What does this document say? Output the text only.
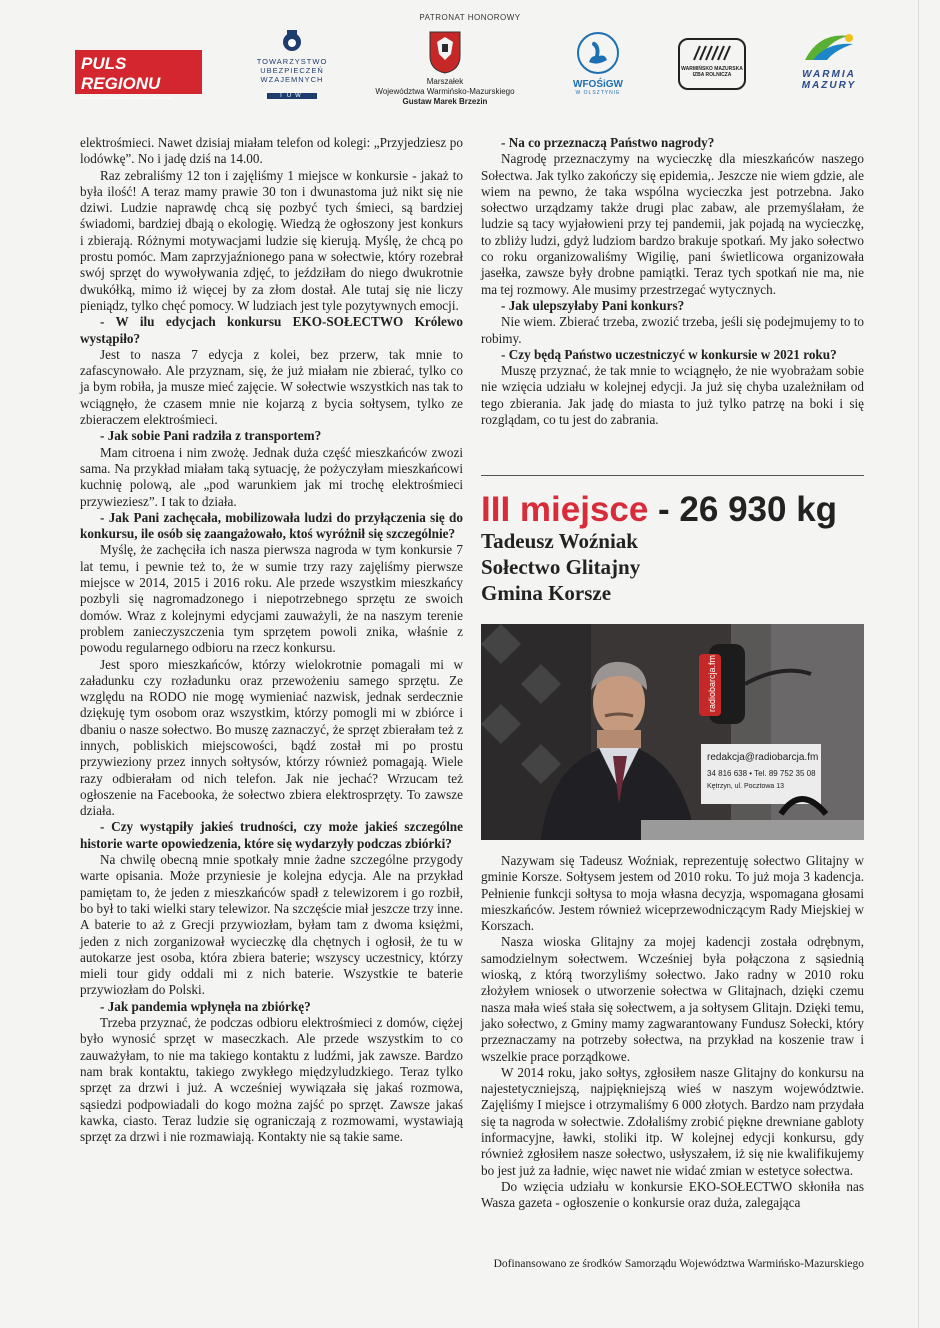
PATRONAT HONOROWY
PULS REGIONU
Wiadomości województwa warmińsko-mazurskiego
TOWARZYSTWO
UBEZPIECZEŃ
WZAJEMNYCH
TUW
Marszałek
Województwa Warmińsko-Mazurskiego
Gustaw Marek Brzezin
WFOŚiGW
W OLSZTYNIE
WARMIŃSKO MAZURSKA IZBA ROLNICZA	WARMIA
MAZURY

elektrośmieci. Nawet dzisiaj miałam telefon od kolegi: „Przyjedziesz po lodówkę”. No i jadę dziś na 14.00.

Raz zebraliśmy 12 ton i zajęliśmy 1 miejsce w konkursie - jakaż to była ilość! A teraz mamy prawie 30 ton i dwunastoma już nikt się nie dziwi. Ludzie naprawdę chcą się pozbyć tych śmieci, są bardziej świadomi, bardziej dbają o ekologię. Wiedzą że ogłoszony jest konkurs i zbierają. Różnymi motywacjami ludzie się kierują. Myślę, że chcą po prostu pomóc. Mam zaprzyjaźnionego pana w sołectwie, który rozebrał swój sprzęt do wywoływania zdjęć, to jeździłam do niego dwukrotnie dwukółką, mimo iż więcej by za złom dostał. Ale tutaj się nie liczy pieniądz, tylko chęć pomocy. W ludziach jest tyle pozytywnych emocji.

- W ilu edycjach konkursu EKO-SOŁECTWO Królewo wystąpiło?

Jest to nasza 7 edycja z kolei, bez przerw, tak mnie to zafascynowało. Ale przyznam, się, że już miałam nie zbierać, tylko co ja bym robiła, ja musze mieć zajęcie. W sołectwie wszystkich nas tak to wciągnęło, że czasem mnie nie kojarzą z bycia sołtysem, tylko ze zbieraczem elektrośmieci.

- Jak sobie Pani radziła z transportem?

Mam citroena i nim zwożę. Jednak duża część mieszkańców zwozi sama. Na przykład miałam taką sytuację, że pożyczyłam mieszkańcowi kuchnię polową, ale „pod warunkiem jak mi trochę elektrośmieci przywieziesz”. I tak to działa.

- Jak Pani zachęcała, mobilizowała ludzi do przyłączenia się do konkursu, ile osób się zaangażowało, ktoś wyróżnił się szczególnie?

Myślę, że zachęciła ich nasza pierwsza nagroda w tym konkursie 7 lat temu, i pewnie też to, że w sumie trzy razy zajęliśmy pierwsze miejsce w 2014, 2015 i 2016 roku. Ale przede wszystkim mieszkańcy pozbyli się nagromadzonego i niepotrzebnego sprzętu ze swoich domów. Wraz z kolejnymi edycjami zauważyli, że na naszym terenie problem zanieczyszczenia tym sprzętem powoli znika, właśnie z powodu regularnego odbioru na rzecz konkursu.

Jest sporo mieszkańców, którzy wielokrotnie pomagali mi w załadunku czy rozładunku oraz przewożeniu samego sprzętu. Ze względu na RODO nie mogę wymieniać nazwisk, jednak serdecznie dziękuję tym osobom oraz wszystkim, którzy pomogli mi w zbiórce i dbaniu o nasze sołectwo. Bo muszę zaznaczyć, że sprzęt zbierałam też z innych, pobliskich miejscowości, bądź został mi po prostu przywieziony przez innych sołtysów, którzy również pomagają. Wiele razy odbierałam od nich telefon. Jak nie jechać? Wrzucam też ogłoszenie na Facebooka, że sołectwo zbiera elektrosprzęty. To zawsze działa.

- Czy wystąpiły jakieś trudności, czy może jakieś szczególne historie warte opowiedzenia, które się wydarzyły podczas zbiórki?

Na chwilę obecną mnie spotkały mnie żadne szczególne przygody warte opisania. Może przyniesie je kolejna edycja. Ale na przykład pamiętam to, że jeden z mieszkańców spadł z telewizorem i go rozbił, bo był to taki wielki stary telewizor. Na szczęście miał jeszcze trzy inne. A baterie to aż z Grecji przywiozłam, byłam tam z dwoma księżmi, jeden z nich zorganizował wycieczkę dla chętnych i ogłosił, że tu w autokarze jest osoba, która zbiera baterie; wszyscy uczestnicy, którzy mieli tour gidy oddali mi z nich baterie. Wszystkie te baterie przywiozłam do Polski.

- Jak pandemia wpłynęła na zbiórkę?

Trzeba przyznać, że podczas odbioru elektrośmieci z domów, ciężej było wynosić sprzęt w maseczkach. Ale przede wszystkim to co zauważyłam, to nie ma takiego kontaktu z ludźmi, jak zawsze. Bardzo nam brak kontaktu, takiego zwykłego międzyludzkiego. Teraz tylko sprzęt za drzwi i już. A wcześniej wywiązała się jakaś rozmowa, sąsiedzi podpowiadali do kogo można zajść po sprzęt. Zawsze jakaś kawka, ciasto. Teraz ludzie się ograniczają z rozmowami, wystawiają sprzęt za drzwi i nie rozmawiają. Kontakty nie są takie same.

- Na co przeznaczą Państwo nagrody?

Nagrodę przeznaczymy na wycieczkę dla mieszkańców naszego Sołectwa. Jak tylko zakończy się epidemia,. Jeszcze nie wiem gdzie, ale wiem na pewno, że taka wspólna wycieczka jest potrzebna. Jako sołectwo urządzamy także drugi plac zabaw, ale przemyślałam, że ludzie są tacy wyjałowieni przy tej pandemii, jak pojadą na wycieczkę, to zbliży ludzi, gdyż ludziom bardzo brakuje spotkań. My jako sołectwo co roku organizowaliśmy Wigilię, pani świetlicowa organizowała jasełka, zawsze były drobne pamiątki. Teraz tych spotkań nie ma, nie ma tej rozmowy. Ale musimy przestrzegać wytycznych.

- Jak ulepszyłaby Pani konkurs?

Nie wiem. Zbierać trzeba, zwozić trzeba, jeśli się podejmujemy to to robimy.

- Czy będą Państwo uczestniczyć w konkursie w 2021 roku?

Muszę przyznać, że tak mnie to wciągnęło, że nie wyobrażam sobie nie wzięcia udziału w kolejnej edycji. Ja już się chyba uzależniłam od tego zbierania. Jak jadę do miasta to już tylko patrzę na boki i się rozglądam, co tu jest do zabrania.

III miejsce - 26 930 kg
Tadeusz Woźniak
Sołectwo Glitajny
Gmina Korsze
redakcja@radiobarcja.fm
34 816 638 • Tel. 89 752 35 08
Kętrzyn, ul. Pocztowa 13
radiobarcja.fm

Nazywam się Tadeusz Woźniak, reprezentuję sołectwo Glitajny w gminie Korsze. Sołtysem jestem od 2010 roku. To już moja 3 kadencja. Pełnienie funkcji sołtysa to moja własna decyzja, wspomagana głosami mieszkańców. Jestem również wiceprzewodniczącym Rady Miejskiej w Korszach.

Nasza wioska Glitajny za mojej kadencji została odrębnym, samodzielnym sołectwem. Wcześniej była połączona z sąsiednią wioską, z którą tworzyliśmy sołectwo. Jako radny w 2010 roku złożyłem wniosek o utworzenie sołectwa w Glitajnach, dzięki czemu nasza mała wieś stała się sołectwem, a ja sołtysem Glitajn. Dzięki temu, jako sołectwo, z Gminy mamy zagwarantowany Fundusz Sołecki, który przeznaczamy na potrzeby sołectwa, na przykład na koszenie traw i wszelkie prace porządkowe.

W 2014 roku, jako sołtys, zgłosiłem nasze Glitajny do konkursu na najestetyczniejszą, najpiękniejszą wieś w naszym województwie. Zajęliśmy I miejsce i otrzymaliśmy 6 000 złotych. Bardzo nam przydała się ta nagroda w sołectwie. Zdołaliśmy zrobić piękne drewniane gabloty informacyjne, ławki, stoliki itp. W kolejnej edycji konkursu, gdy również zgłosiłem nasze sołectwo, usłyszałem, iż się nie kwalifikujemy bo jest już za ładnie, więc nawet nie widać zmian w estetyce sołectwa.

Do wzięcia udziału w konkursie EKO-SOŁECTWO skłoniła nas Wasza gazeta - ogłoszenie o konkursie oraz duża, zalegająca

Dofinansowano ze środków Samorządu Województwa Warmińsko-Mazurskiego
